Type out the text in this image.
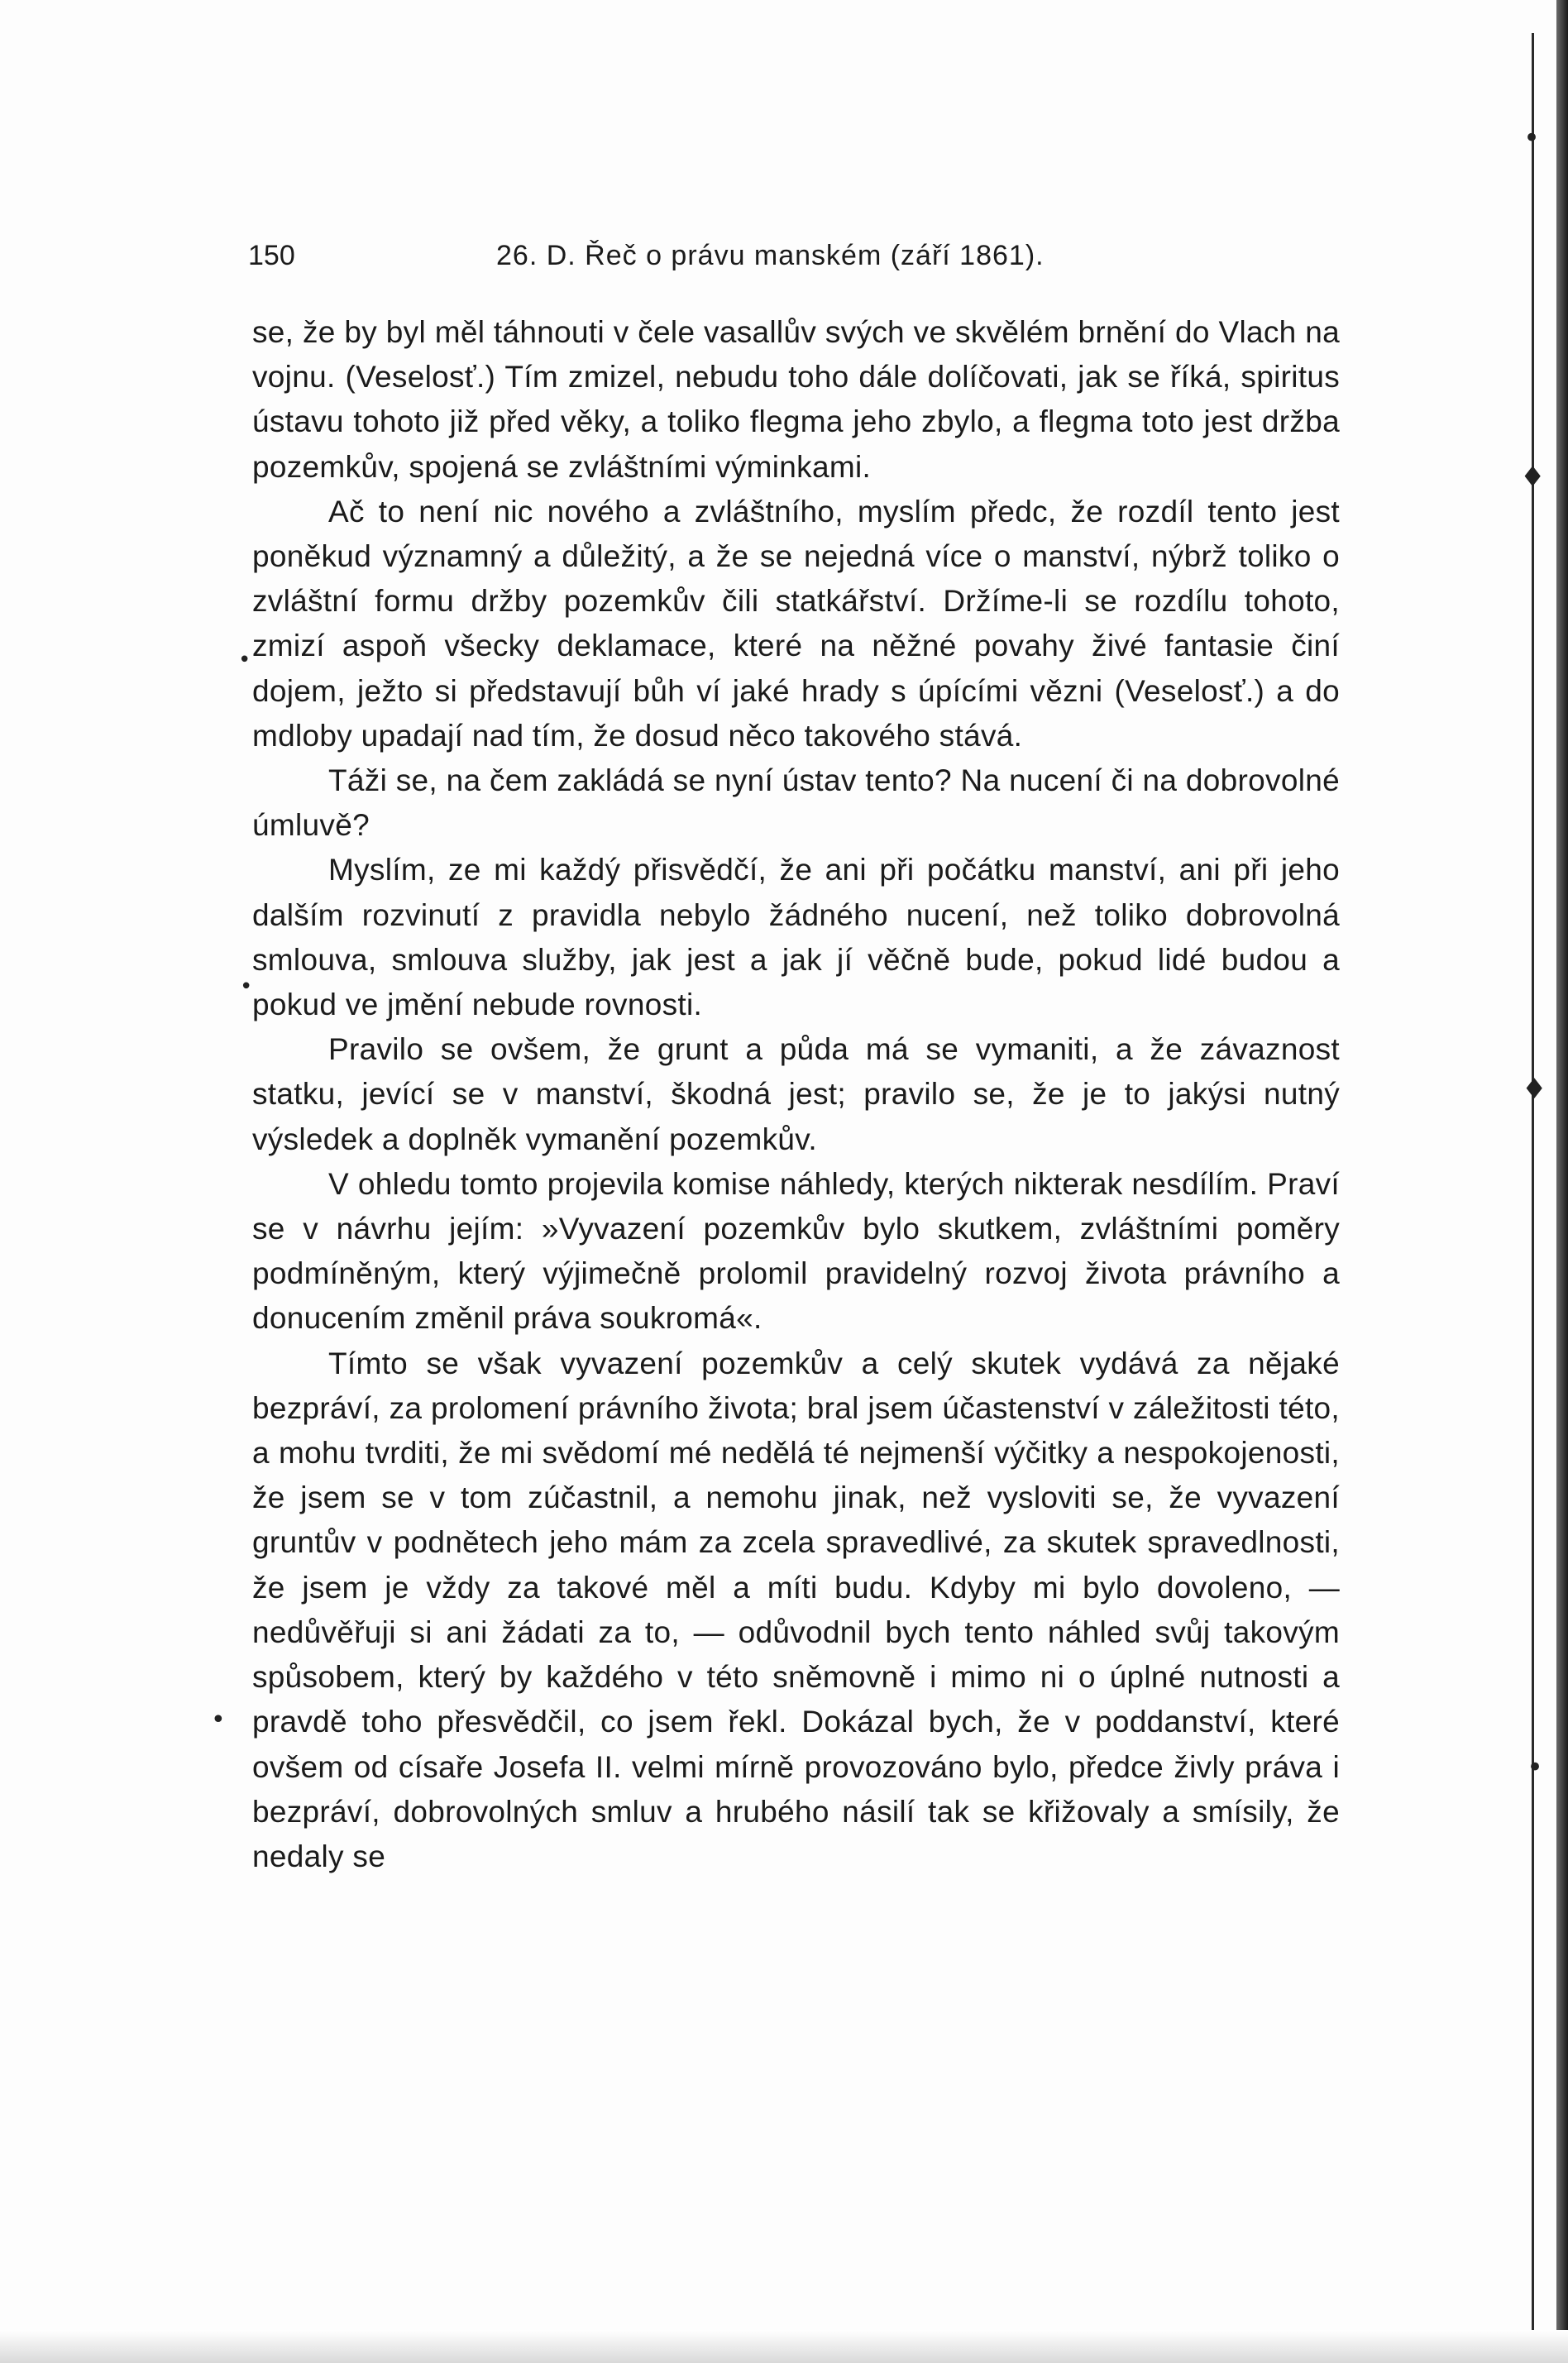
•
♦
♦
•
•
•
•
150	26. D. Řeč o právu manském (září 1861).

se, že by byl měl táhnouti v čele vasallův svých ve skvělém brnění do Vlach na vojnu. (Veselosť.) Tím zmizel, nebudu toho dále dolíčovati, jak se říká, spiritus ústavu tohoto již před věky, a toliko flegma jeho zbylo, a flegma toto jest držba pozemkův, spojená se zvláštními výminkami.

Ač to není nic nového a zvláštního, myslím předc, že rozdíl tento jest poněkud významný a důležitý, a že se nejedná více o manství, nýbrž toliko o zvláštní formu držby pozemkův čili statkářství. Držíme-li se rozdílu tohoto, zmizí aspoň všecky deklamace, které na něžné povahy živé fantasie činí dojem, ježto si představují bůh ví jaké hrady s úpícími vězni (Veselosť.) a do mdloby upadají nad tím, že dosud něco takového stává.

Táži se, na čem zakládá se nyní ústav tento? Na nucení či na dobrovolné úmluvě?

Myslím, ze mi každý přisvědčí, že ani při počátku manství, ani při jeho dalším rozvinutí z pravidla nebylo žádného nucení, než toliko dobrovolná smlouva, smlouva služby, jak jest a jak jí věčně bude, pokud lidé budou a pokud ve jmění nebude rovnosti.

Pravilo se ovšem, že grunt a půda má se vymaniti, a že závaznost statku, jevící se v manství, škodná jest; pravilo se, že je to jakýsi nutný výsledek a doplněk vymanění pozemkův.

V ohledu tomto projevila komise náhledy, kterých nikterak nesdílím. Praví se v návrhu jejím: »Vyvazení pozemkův bylo skutkem, zvláštními poměry podmíněným, který výjimečně prolomil pravidelný rozvoj života právního a donucením změnil práva soukromá«.

Tímto se však vyvazení pozemkův a celý skutek vydává za nějaké bezpráví, za prolomení právního života; bral jsem účastenství v záležitosti této, a mohu tvrditi, že mi svědomí mé nedělá té nejmenší výčitky a nespokojenosti, že jsem se v tom zúčastnil, a nemohu jinak, než vysloviti se, že vyvazení gruntův v podnětech jeho mám za zcela spravedlivé, za skutek spravedlnosti, že jsem je vždy za takové měl a míti budu. Kdyby mi bylo dovoleno, — nedůvěřuji si ani žádati za to, — odůvodnil bych tento náhled svůj takovým spůsobem, který by každého v této sněmovně i mimo ni o úplné nutnosti a pravdě toho přesvědčil, co jsem řekl. Dokázal bych, že v poddanství, které ovšem od císaře Josefa II. velmi mírně provozováno bylo, předce živly práva i bezpráví, dobrovolných smluv a hrubého násilí tak se křižovaly a smísily, že nedaly se
